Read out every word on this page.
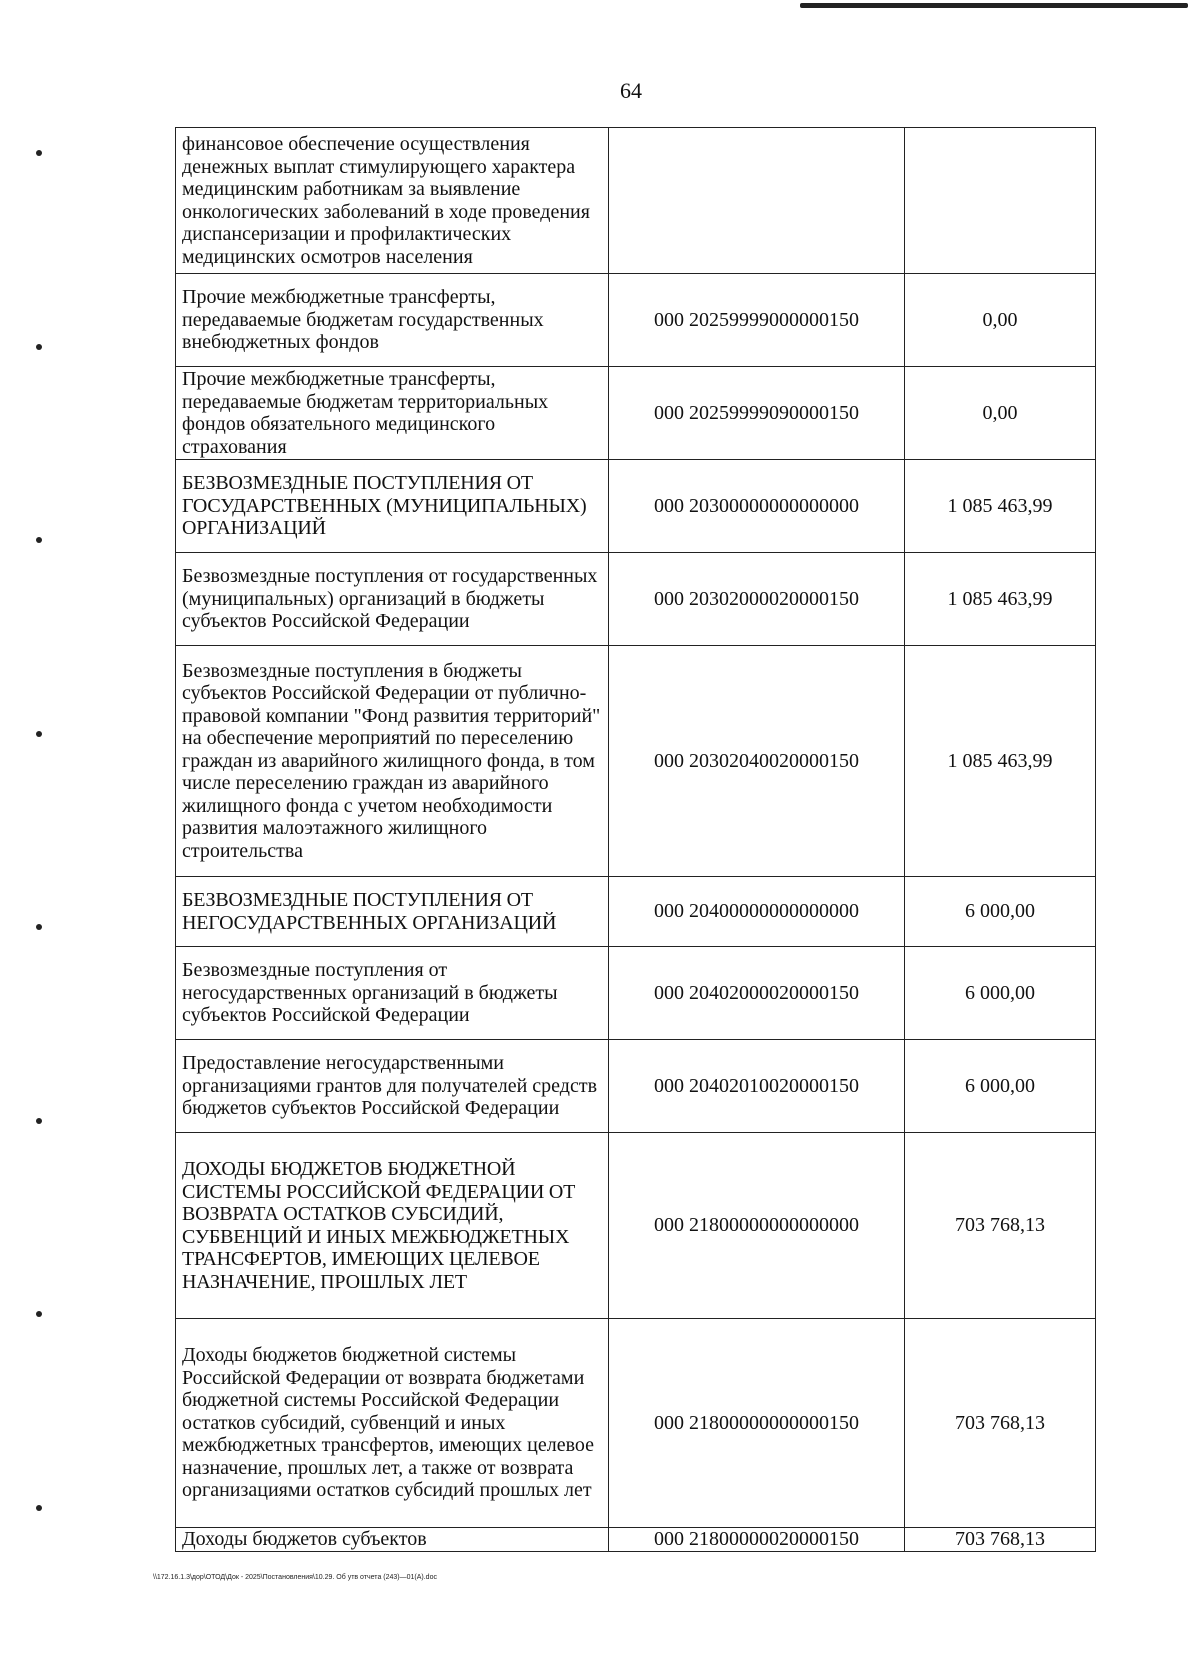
64
финансовое обеспечение осуществления денежных выплат стимулирующего характера медицинским работникам за выявление онкологических заболеваний в ходе проведения диспансеризации и профилактических медицинских осмотров населения		
Прочие межбюджетные трансферты, передаваемые бюджетам государственных внебюджетных фондов	000 20259999000000150	0,00
Прочие межбюджетные трансферты, передаваемые бюджетам территориальных фондов обязательного медицинского страхования	000 20259999090000150	0,00
БЕЗВОЗМЕЗДНЫЕ ПОСТУПЛЕНИЯ ОТ ГОСУДАРСТВЕННЫХ (МУНИЦИПАЛЬНЫХ) ОРГАНИЗАЦИЙ	000 20300000000000000	1 085 463,99
Безвозмездные поступления от государственных (муниципальных) организаций в бюджеты субъектов Российской Федерации	000 20302000020000150	1 085 463,99
Безвозмездные поступления в бюджеты субъектов Российской Федерации от публично-правовой компании "Фонд развития территорий" на обеспечение мероприятий по переселению граждан из аварийного жилищного фонда, в том числе переселению граждан из аварийного жилищного фонда с учетом необходимости развития малоэтажного жилищного строительства	000 20302040020000150	1 085 463,99
БЕЗВОЗМЕЗДНЫЕ ПОСТУПЛЕНИЯ ОТ НЕГОСУДАРСТВЕННЫХ ОРГАНИЗАЦИЙ	000 20400000000000000	6 000,00
Безвозмездные поступления от негосударственных организаций в бюджеты субъектов Российской Федерации	000 20402000020000150	6 000,00
Предоставление негосударственными организациями грантов для получателей средств бюджетов субъектов Российской Федерации	000 20402010020000150	6 000,00
ДОХОДЫ БЮДЖЕТОВ БЮДЖЕТНОЙ СИСТЕМЫ РОССИЙСКОЙ ФЕДЕРАЦИИ ОТ ВОЗВРАТА ОСТАТКОВ СУБСИДИЙ, СУБВЕНЦИЙ И ИНЫХ МЕЖБЮДЖЕТНЫХ ТРАНСФЕРТОВ, ИМЕЮЩИХ ЦЕЛЕВОЕ НАЗНАЧЕНИЕ, ПРОШЛЫХ ЛЕТ	000 21800000000000000	703 768,13
Доходы бюджетов бюджетной системы Российской Федерации от возврата бюджетами бюджетной системы Российской Федерации остатков субсидий, субвенций и иных межбюджетных трансфертов, имеющих целевое назначение, прошлых лет, а также от возврата организациями остатков субсидий прошлых лет	000 21800000000000150	703 768,13
Доходы бюджетов субъектов	000 21800000020000150	703 768,13
\\172.16.1.3\дор\ОТОД\Док - 2025\Постановления\10.29. Об утв отчета (243)—01(А).doc
